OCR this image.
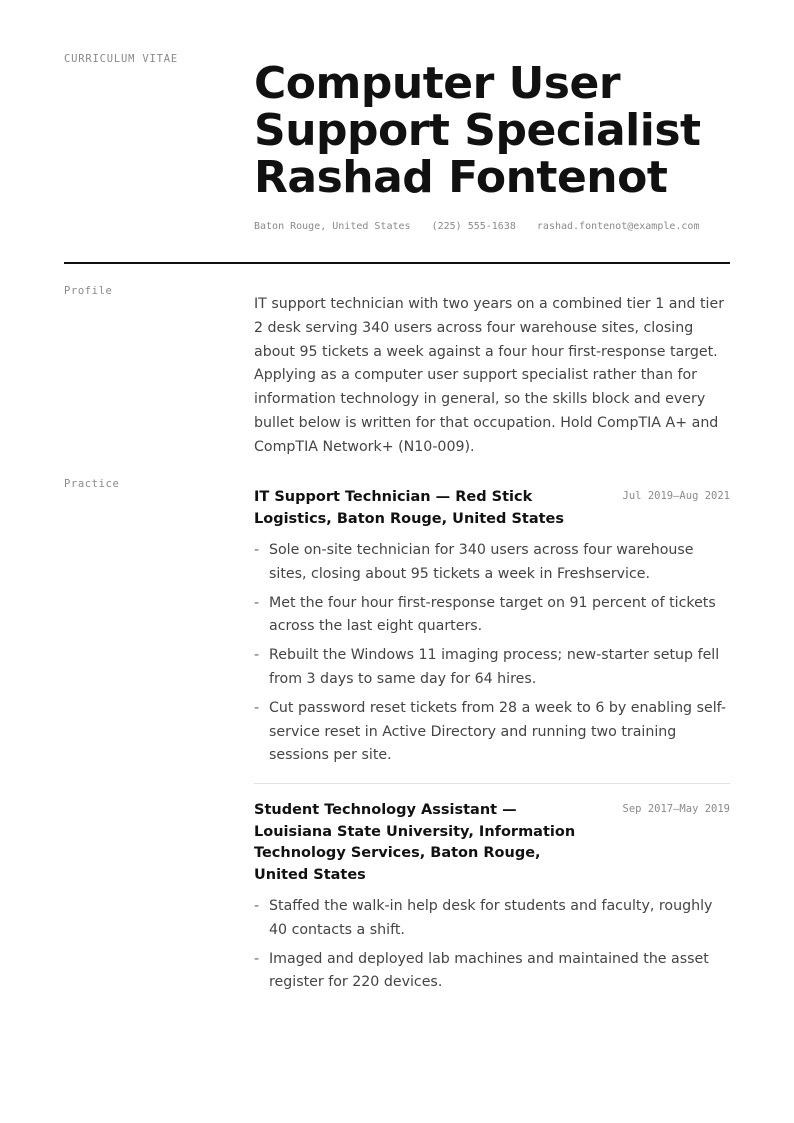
CURRICULUM VITAE Computer User
Support Specialist
Rashad Fontenot
Baton Rouge, United States (225) 555-1638 rashad.fontenot@example.com
Profile

IT support technician with two years on a combined tier 1 and tier 2 desk serving 340 users across four warehouse sites, closing about 95 tickets a week against a four hour first-response target. Applying as a computer user support specialist rather than for information technology in general, so the skills block and every bullet below is written for that occupation. Hold CompTIA A+ and CompTIA Network+ (N10-009).

Practice
IT Support Technician — Red Stick Logistics, Baton Rouge, United States
Jul 2019–Aug 2021
- Sole on-site technician for 340 users across four warehouse sites, closing about 95 tickets a week in Freshservice.
- Met the four hour first-response target on 91 percent of tickets across the last eight quarters.
- Rebuilt the Windows 11 imaging process; new-starter setup fell from 3 days to same day for 64 hires.
- Cut password reset tickets from 28 a week to 6 by enabling self-service reset in Active Directory and running two training sessions per site.
Student Technology Assistant — Louisiana State University, Information Technology Services, Baton Rouge, United States
Sep 2017–May 2019
- Staffed the walk-in help desk for students and faculty, roughly 40 contacts a shift.
- Imaged and deployed lab machines and maintained the asset register for 220 devices.
